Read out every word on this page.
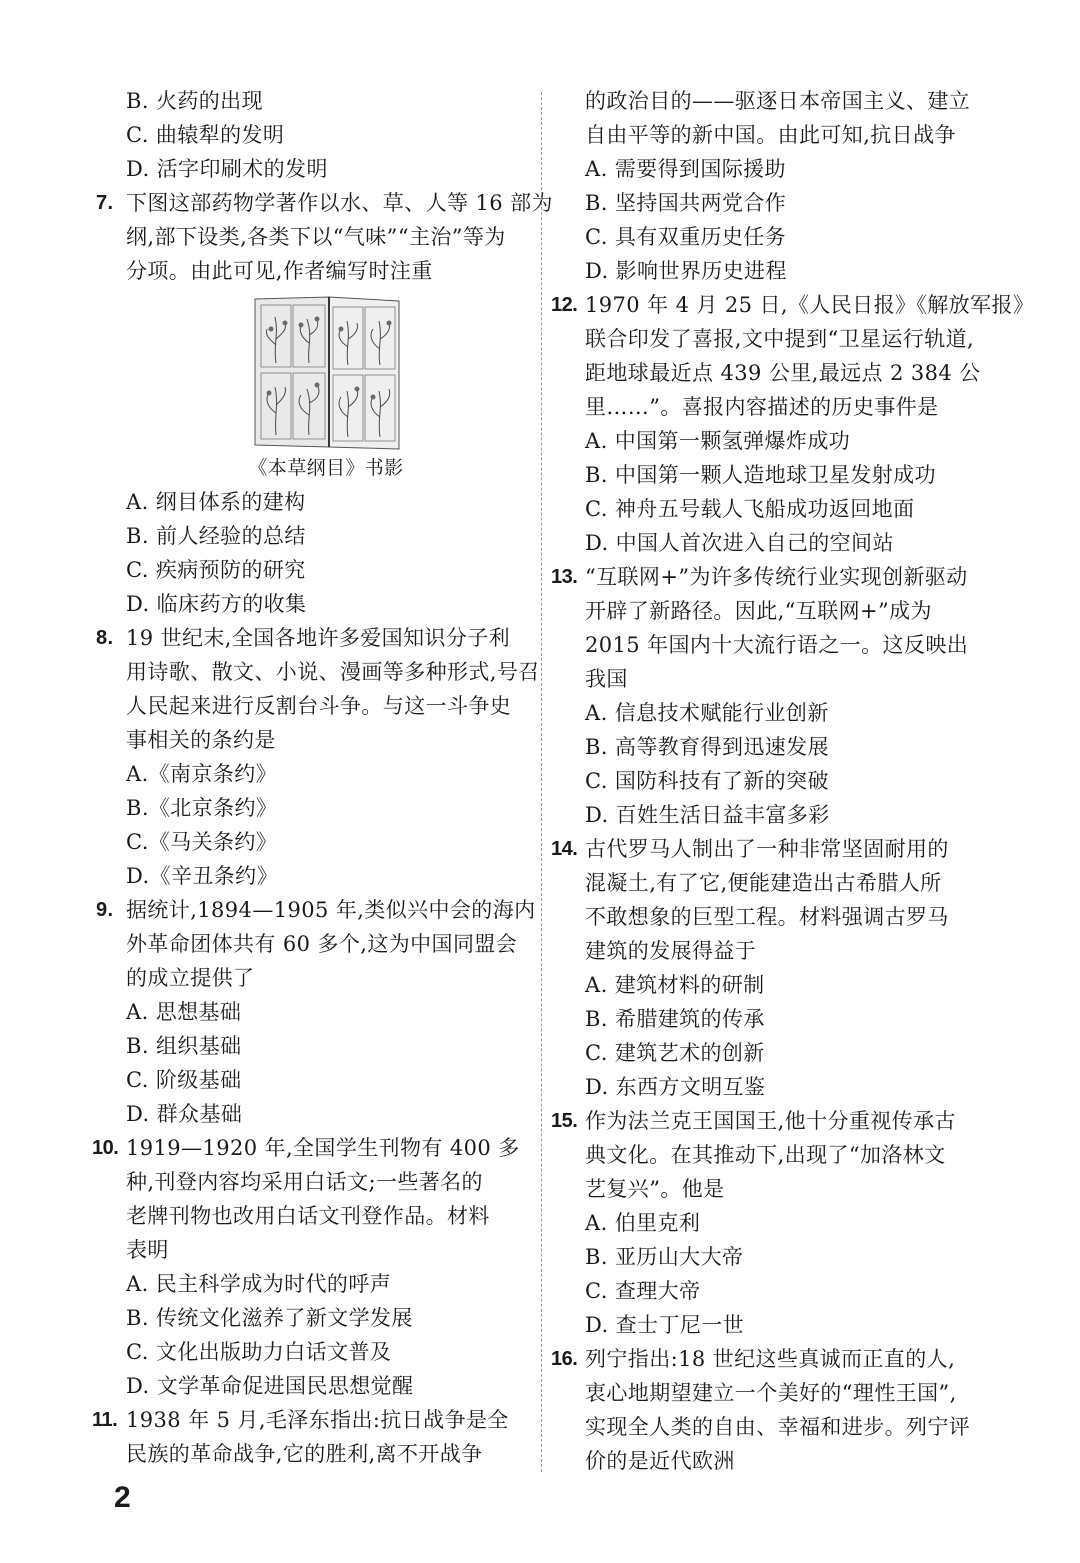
B. 火药的出现
C. 曲辕犁的发明
D. 活字印刷术的发明
7. 下图这部药物学著作以水、草、人等 16 部为
纲,部下设类,各类下以“气味”“主治”等为
分项。由此可见,作者编写时注重
《本草纲目》书影
A. 纲目体系的建构
B. 前人经验的总结
C. 疾病预防的研究
D. 临床药方的收集
8. 19 世纪末,全国各地许多爱国知识分子利
用诗歌、散文、小说、漫画等多种形式,号召
人民起来进行反割台斗争。与这一斗争史
事相关的条约是
A.《南京条约》
B.《北京条约》
C.《马关条约》
D.《辛丑条约》
9. 据统计,1894—1905 年,类似兴中会的海内
外革命团体共有 60 多个,这为中国同盟会
的成立提供了
A. 思想基础
B. 组织基础
C. 阶级基础
D. 群众基础
10. 1919—1920 年,全国学生刊物有 400 多
种,刊登内容均采用白话文;一些著名的
老牌刊物也改用白话文刊登作品。材料
表明
A. 民主科学成为时代的呼声
B. 传统文化滋养了新文学发展
C. 文化出版助力白话文普及
D. 文学革命促进国民思想觉醒
11. 1938 年 5 月,毛泽东指出:抗日战争是全
民族的革命战争,它的胜利,离不开战争
的政治目的——驱逐日本帝国主义、建立
自由平等的新中国。由此可知,抗日战争
A. 需要得到国际援助
B. 坚持国共两党合作
C. 具有双重历史任务
D. 影响世界历史进程
12. 1970 年 4 月 25 日,《人民日报》《解放军报》
联合印发了喜报,文中提到“卫星运行轨道,
距地球最近点 439 公里,最远点 2 384 公
里……”。喜报内容描述的历史事件是
A. 中国第一颗氢弹爆炸成功
B. 中国第一颗人造地球卫星发射成功
C. 神舟五号载人飞船成功返回地面
D. 中国人首次进入自己的空间站
13. “互联网+”为许多传统行业实现创新驱动
开辟了新路径。因此,“互联网+”成为
2015 年国内十大流行语之一。这反映出
我国
A. 信息技术赋能行业创新
B. 高等教育得到迅速发展
C. 国防科技有了新的突破
D. 百姓生活日益丰富多彩
14. 古代罗马人制出了一种非常坚固耐用的
混凝土,有了它,便能建造出古希腊人所
不敢想象的巨型工程。材料强调古罗马
建筑的发展得益于
A. 建筑材料的研制
B. 希腊建筑的传承
C. 建筑艺术的创新
D. 东西方文明互鉴
15. 作为法兰克王国国王,他十分重视传承古
典文化。在其推动下,出现了“加洛林文
艺复兴”。他是
A. 伯里克利
B. 亚历山大大帝
C. 查理大帝
D. 查士丁尼一世
16. 列宁指出:18 世纪这些真诚而正直的人,
衷心地期望建立一个美好的“理性王国”,
实现全人类的自由、幸福和进步。列宁评
价的是近代欧洲
2
